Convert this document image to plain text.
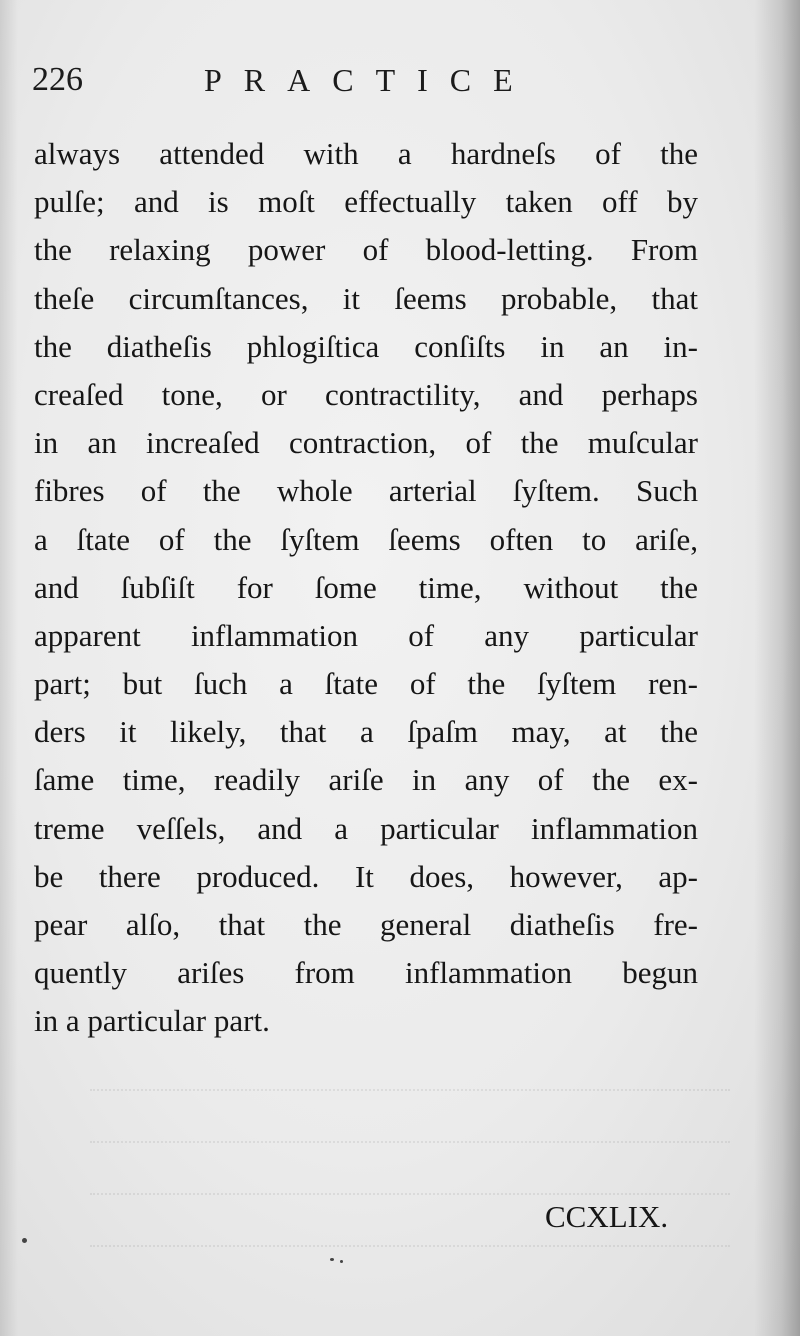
226	PRACTICE
always attended with a hardneſs of the
pulſe; and is moſt effectually taken off by
the relaxing power of blood-letting. From
theſe circumſtances, it ſeems probable, that
the diatheſis phlogiſtica conſiſts in an in-
creaſed tone, or contractility, and perhaps
in an increaſed contraction, of the muſcular
fibres of the whole arterial ſyſtem. Such
a ſtate of the ſyſtem ſeems often to ariſe,
and ſubſiſt for ſome time, without the
apparent inflammation of any particular
part; but ſuch a ſtate of the ſyſtem ren-
ders it likely, that a ſpaſm may, at the
ſame time, readily ariſe in any of the ex-
treme veſſels, and a particular inflammation
be there produced. It does, however, ap-
pear alſo, that the general diatheſis fre-
quently ariſes from inflammation begun
in a particular part.
CCXLIX.
